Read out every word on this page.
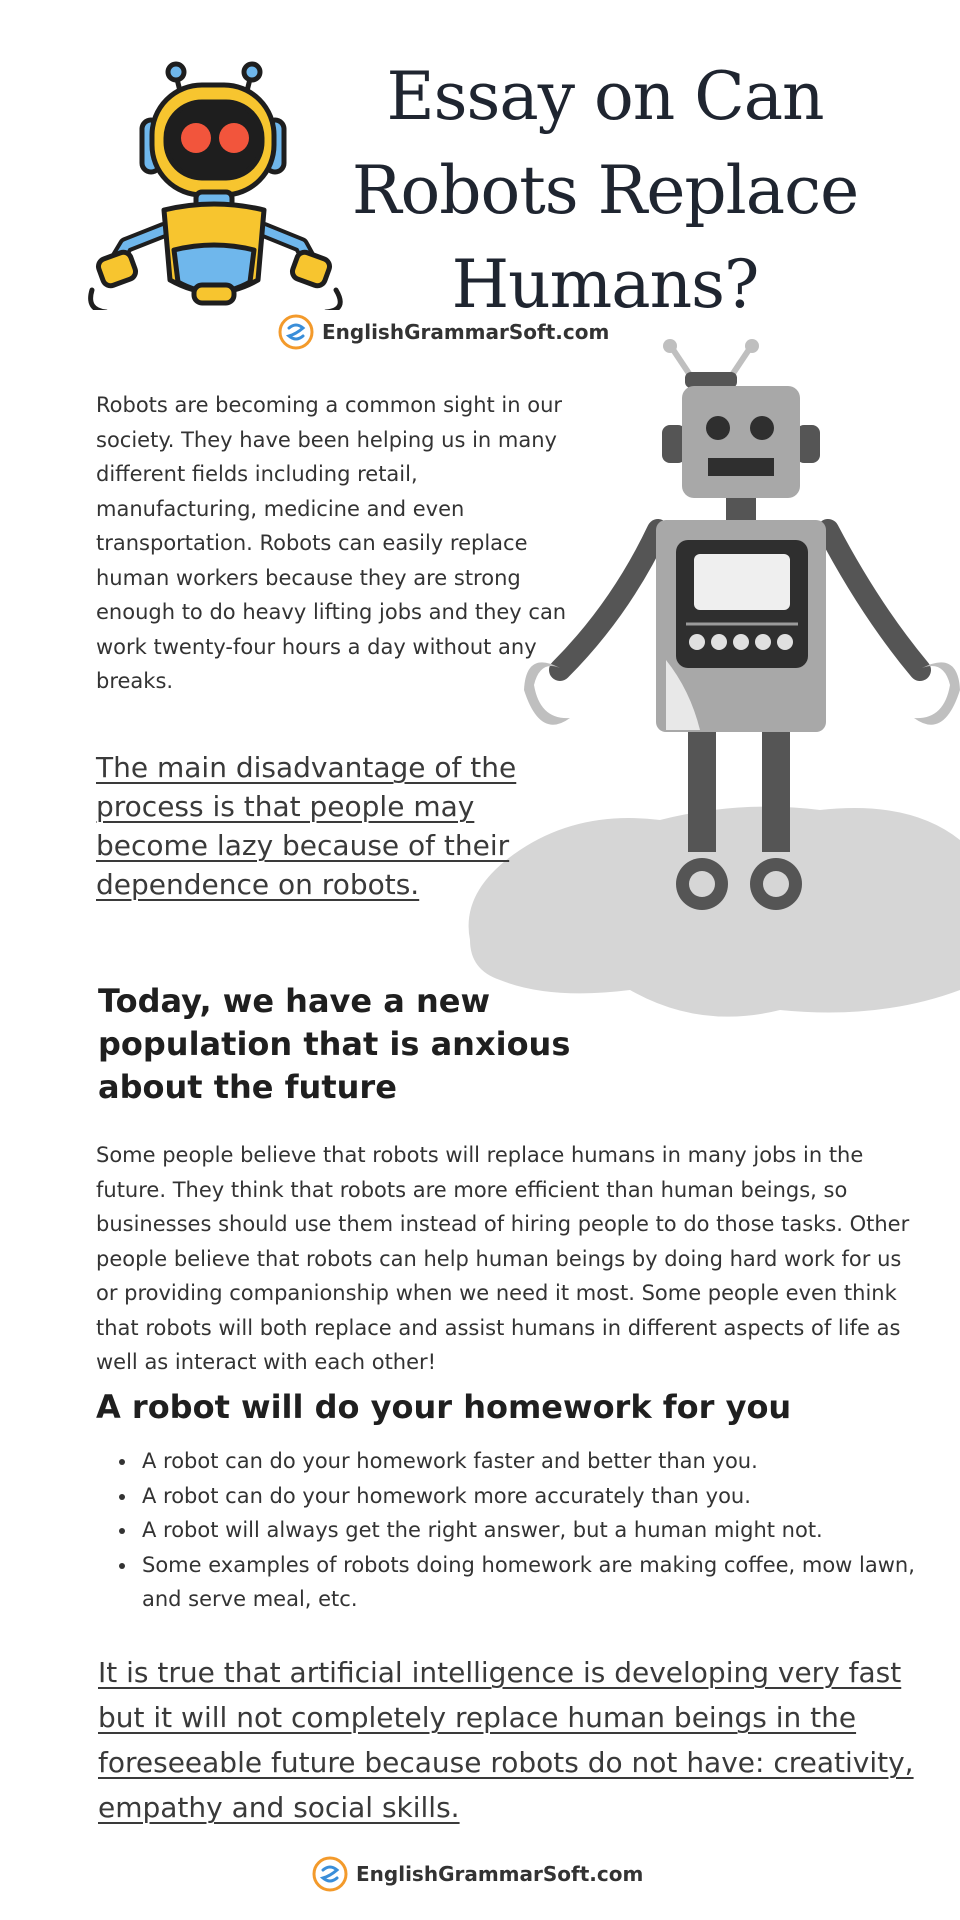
Essay on Can Robots Replace Humans?
EnglishGrammarSoft.com
Robots are becoming a common sight in our society. They have been helping us in many different fields including retail, manufacturing, medicine and even transportation. Robots can easily replace human workers because they are strong enough to do heavy lifting jobs and they can work twenty-four hours a day without any breaks.
The main disadvantage of the process is that people may become lazy because of their dependence on robots.
Today, we have a new population that is anxious about the future
Some people believe that robots will replace humans in many jobs in the future. They think that robots are more efficient than human beings, so businesses should use them instead of hiring people to do those tasks. Other people believe that robots can help human beings by doing hard work for us or providing companionship when we need it most. Some people even think that robots will both replace and assist humans in different aspects of life as well as interact with each other!
A robot will do your homework for you
• A robot can do your homework faster and better than you.
• A robot can do your homework more accurately than you.
• A robot will always get the right answer, but a human might not.
• Some examples of robots doing homework are making coffee, mow lawn, and serve meal, etc.
It is true that artificial intelligence is developing very fast but it will not completely replace human beings in the foreseeable future because robots do not have: creativity, empathy and social skills.
EnglishGrammarSoft.com
